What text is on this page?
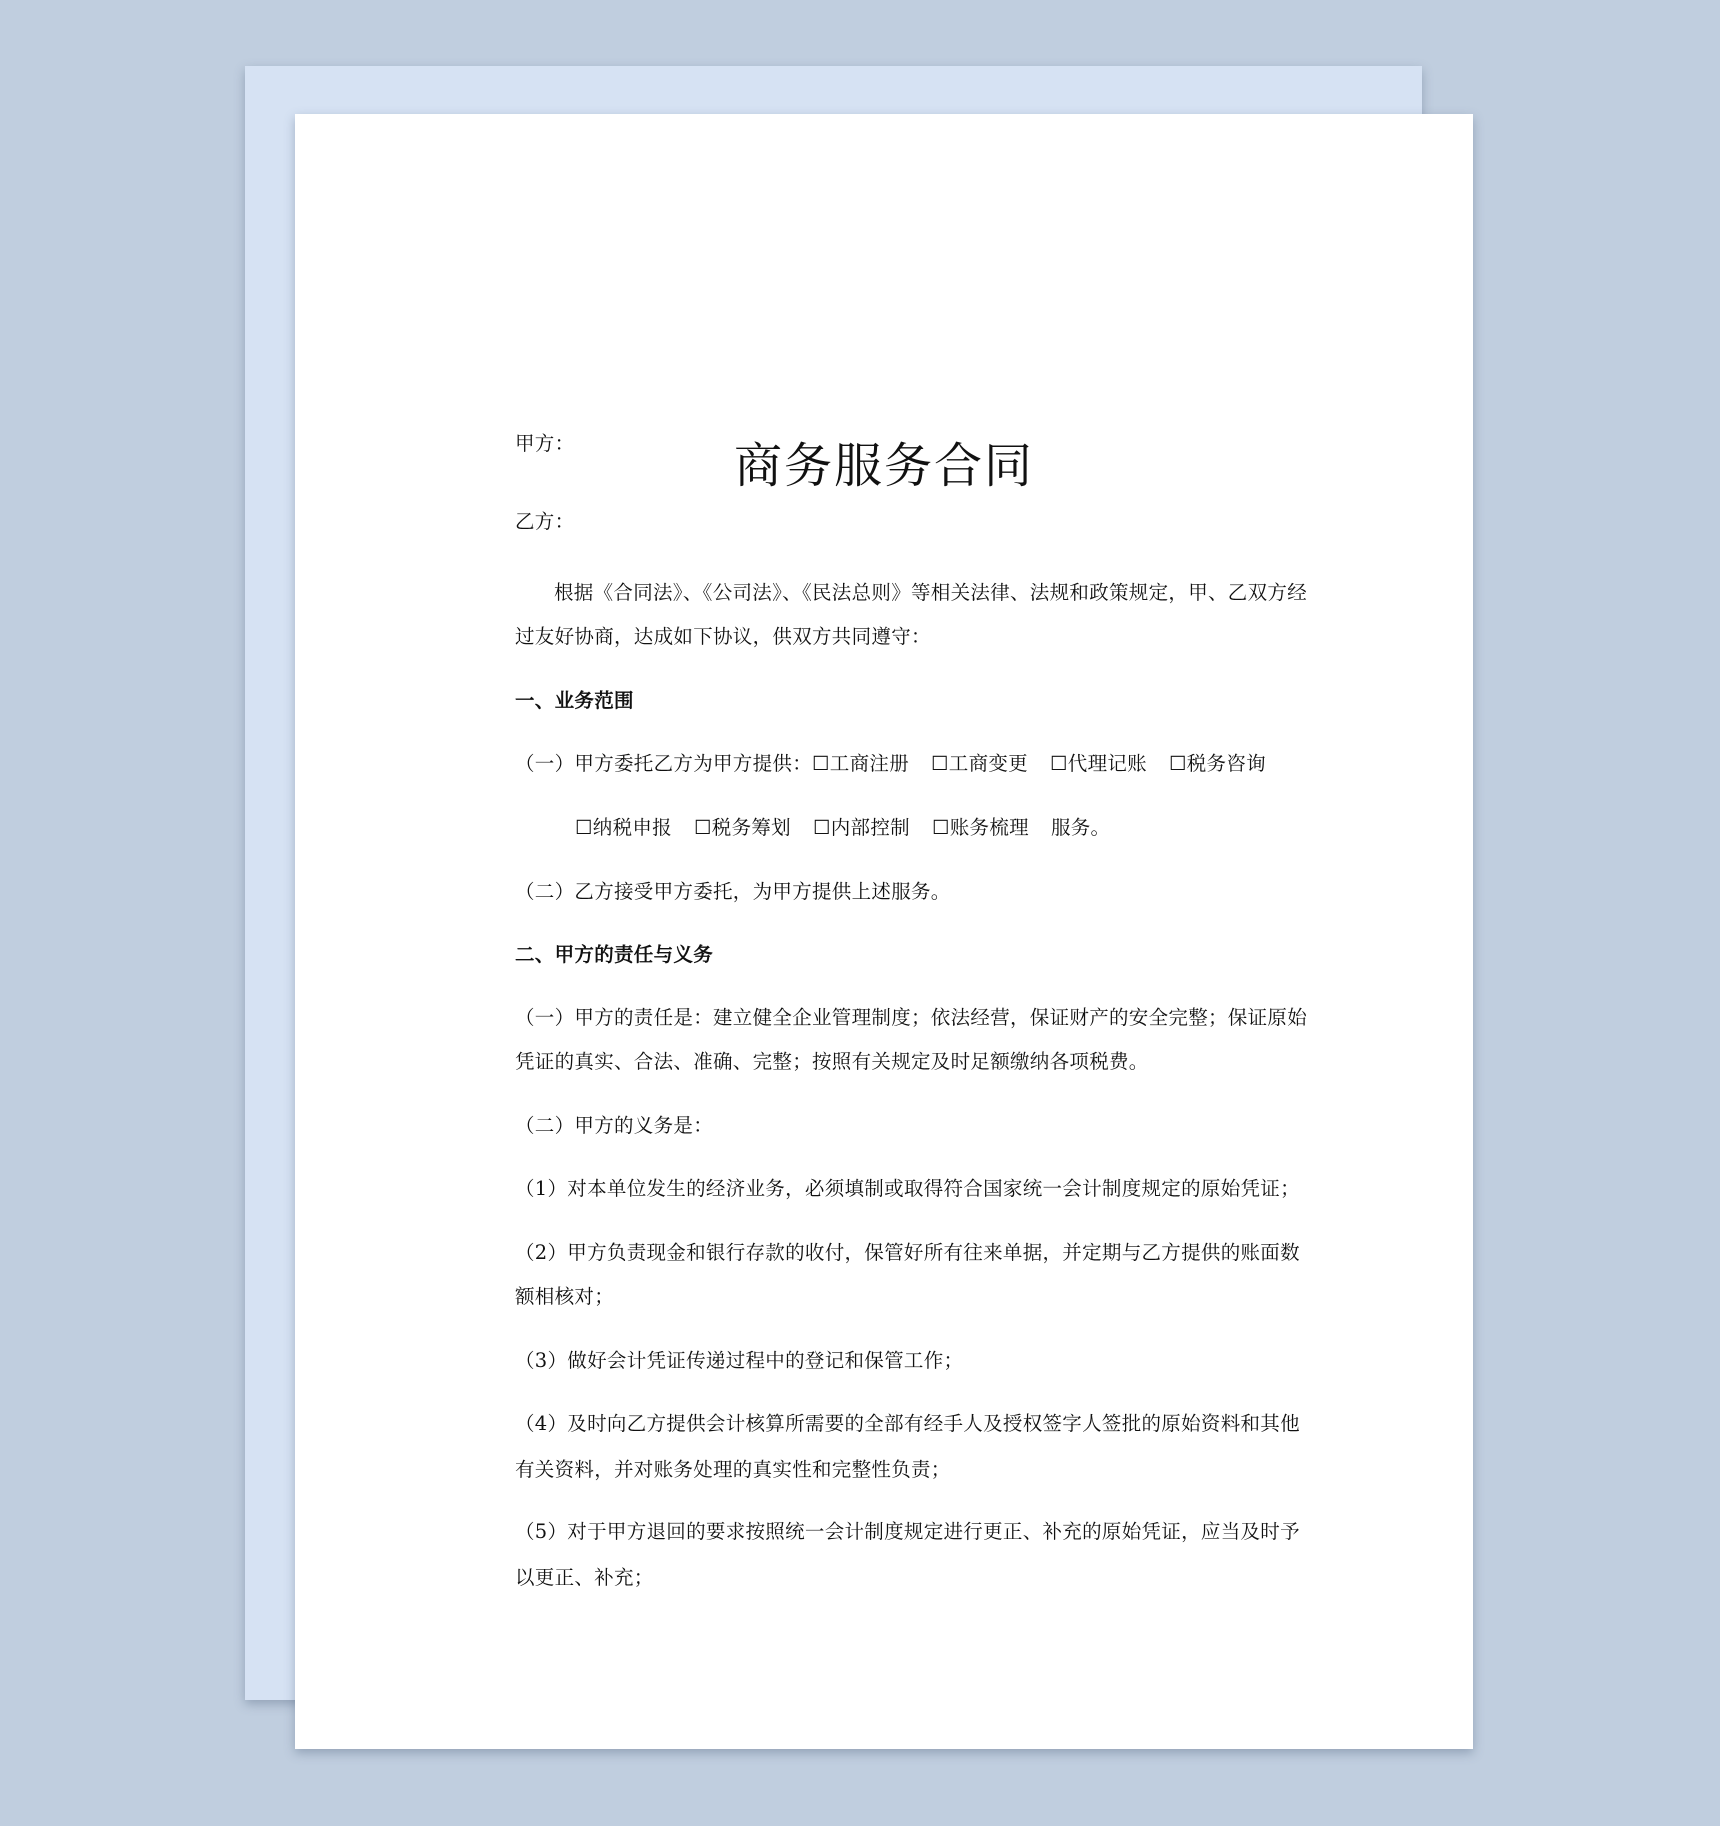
商务服务合同
甲方：
乙方：
根据《合同法》、《公司法》、《民法总则》等相关法律、法规和政策规定，甲、乙双方经
过友好协商，达成如下协议，供双方共同遵守：
一、业务范围
（一）甲方委托乙方为甲方提供：☐工商注册 ☐工商变更 ☐代理记账 ☐税务咨询
☐纳税申报 ☐税务筹划 ☐内部控制 ☐账务梳理 服务。
（二）乙方接受甲方委托，为甲方提供上述服务。
二、甲方的责任与义务
（一）甲方的责任是：建立健全企业管理制度；依法经营，保证财产的安全完整；保证原始
凭证的真实、合法、准确、完整；按照有关规定及时足额缴纳各项税费。
（二）甲方的义务是：
（1）对本单位发生的经济业务，必须填制或取得符合国家统一会计制度规定的原始凭证；
（2）甲方负责现金和银行存款的收付，保管好所有往来单据，并定期与乙方提供的账面数
额相核对；
（3）做好会计凭证传递过程中的登记和保管工作；
（4）及时向乙方提供会计核算所需要的全部有经手人及授权签字人签批的原始资料和其他
有关资料，并对账务处理的真实性和完整性负责；
（5）对于甲方退回的要求按照统一会计制度规定进行更正、补充的原始凭证，应当及时予
以更正、补充；
